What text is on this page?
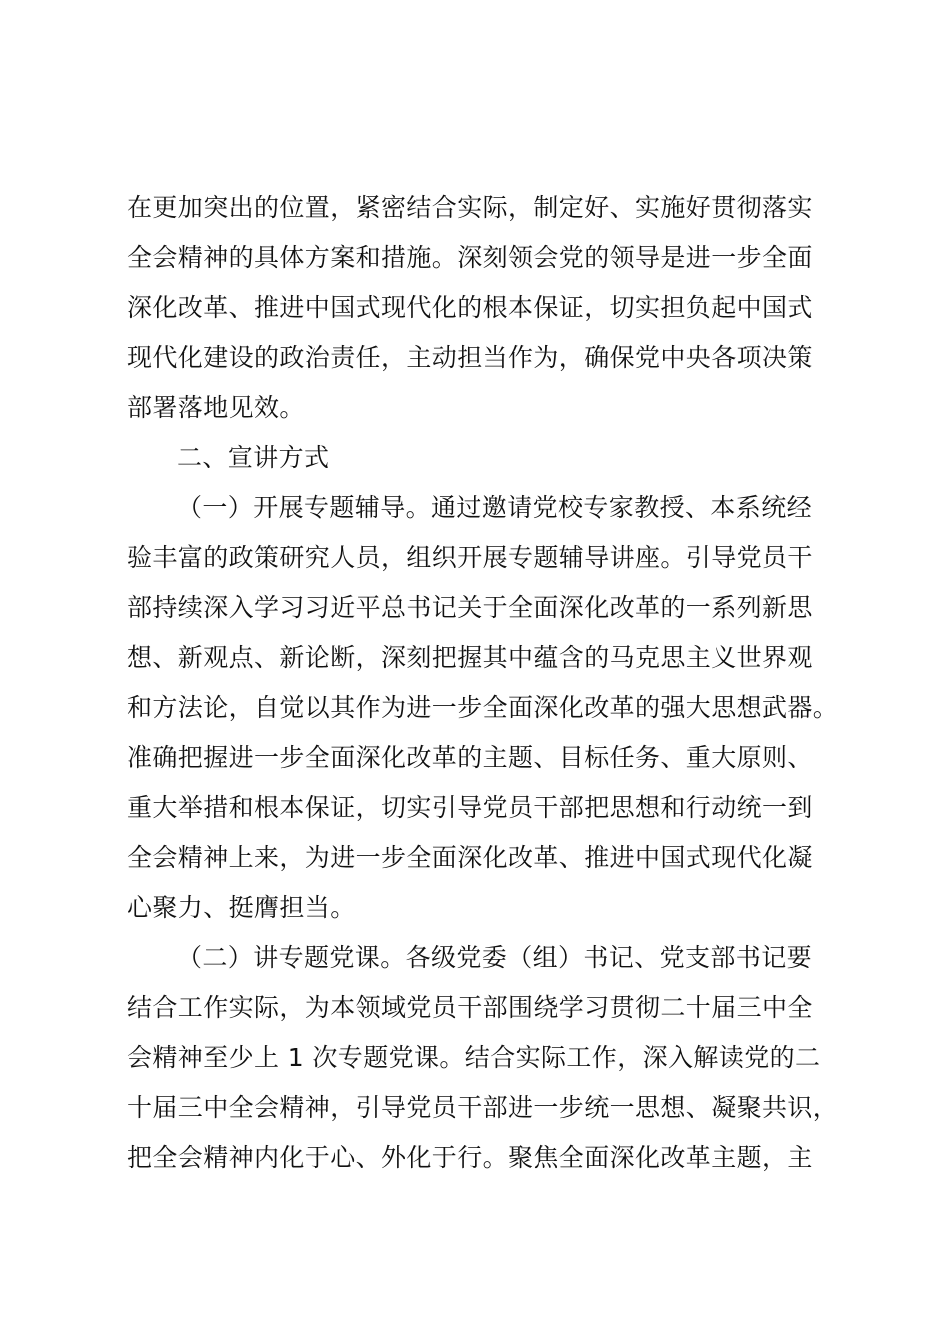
在更加突出的位置，紧密结合实际，制定好、实施好贯彻落实
全会精神的具体方案和措施。深刻领会党的领导是进一步全面
深化改革、推进中国式现代化的根本保证，切实担负起中国式
现代化建设的政治责任，主动担当作为，确保党中央各项决策
部署落地见效。
二、宣讲方式
（一）开展专题辅导。通过邀请党校专家教授、本系统经
验丰富的政策研究人员，组织开展专题辅导讲座。引导党员干
部持续深入学习习近平总书记关于全面深化改革的一系列新思
想、新观点、新论断，深刻把握其中蕴含的马克思主义世界观
和方法论，自觉以其作为进一步全面深化改革的强大思想武器。
准确把握进一步全面深化改革的主题、目标任务、重大原则、
重大举措和根本保证，切实引导党员干部把思想和行动统一到
全会精神上来，为进一步全面深化改革、推进中国式现代化凝
心聚力、挺膺担当。
（二）讲专题党课。各级党委（组）书记、党支部书记要
结合工作实际，为本领域党员干部围绕学习贯彻二十届三中全
会精神至少上 1 次专题党课。结合实际工作，深入解读党的二
十届三中全会精神，引导党员干部进一步统一思想、凝聚共识，
把全会精神内化于心、外化于行。聚焦全面深化改革主题，主
